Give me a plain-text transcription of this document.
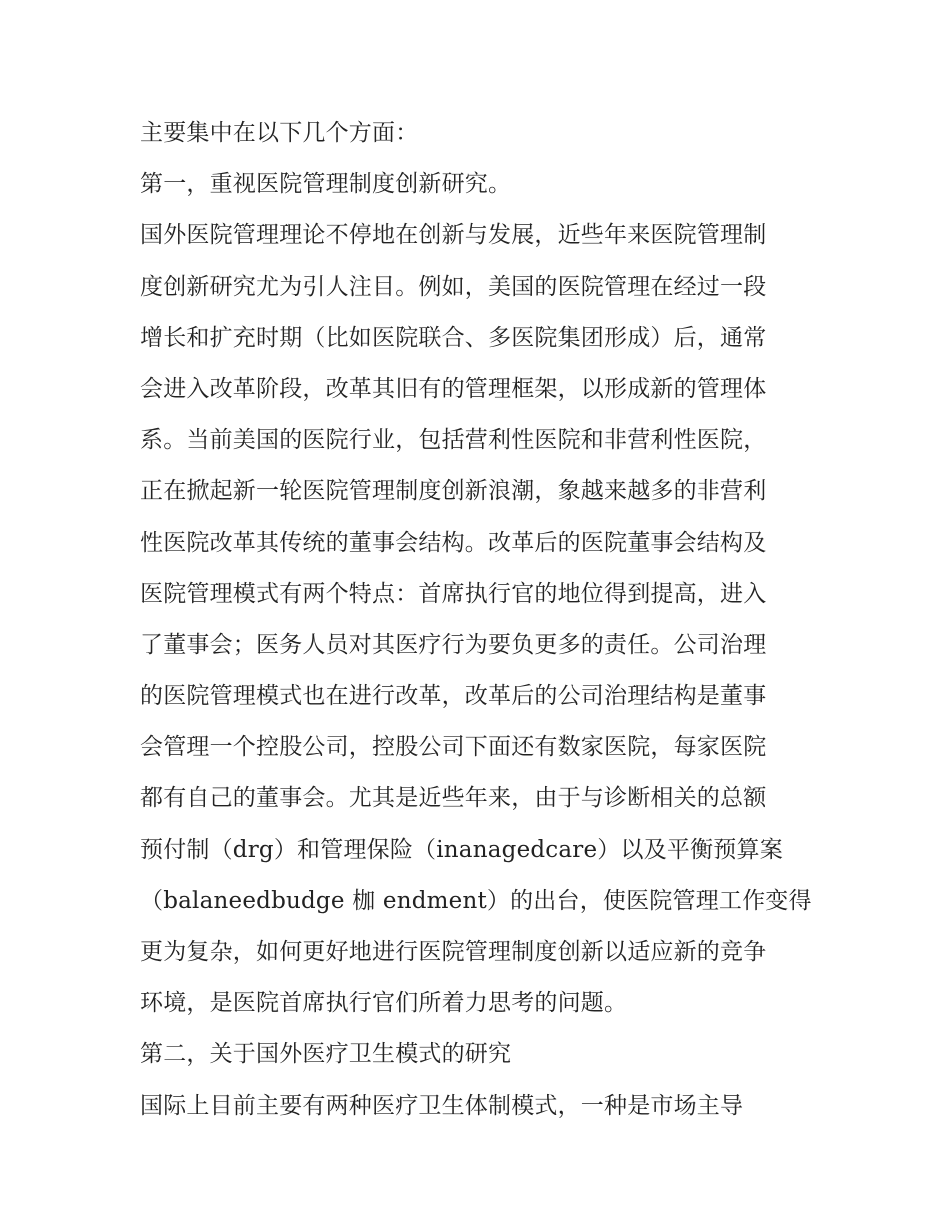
主要集中在以下几个方面：
第一，重视医院管理制度创新研究。
国外医院管理理论不停地在创新与发展，近些年来医院管理制
度创新研究尤为引人注目。例如，美国的医院管理在经过一段
增长和扩充时期（比如医院联合、多医院集团形成）后，通常
会进入改革阶段，改革其旧有的管理框架，以形成新的管理体
系。当前美国的医院行业，包括营利性医院和非营利性医院，
正在掀起新一轮医院管理制度创新浪潮，象越来越多的非营利
性医院改革其传统的董事会结构。改革后的医院董事会结构及
医院管理模式有两个特点：首席执行官的地位得到提高，进入
了董事会；医务人员对其医疗行为要负更多的责任。公司治理
的医院管理模式也在进行改革，改革后的公司治理结构是董事
会管理一个控股公司，控股公司下面还有数家医院，每家医院
都有自己的董事会。尤其是近些年来，由于与诊断相关的总额
预付制（drg）和管理保险（inanagedcare）以及平衡预算案
（balaneedbudge 枷 endment）的出台，使医院管理工作变得
更为复杂，如何更好地进行医院管理制度创新以适应新的竞争
环境，是医院首席执行官们所着力思考的问题。
第二，关于国外医疗卫生模式的研究
国际上目前主要有两种医疗卫生体制模式，一种是市场主导
